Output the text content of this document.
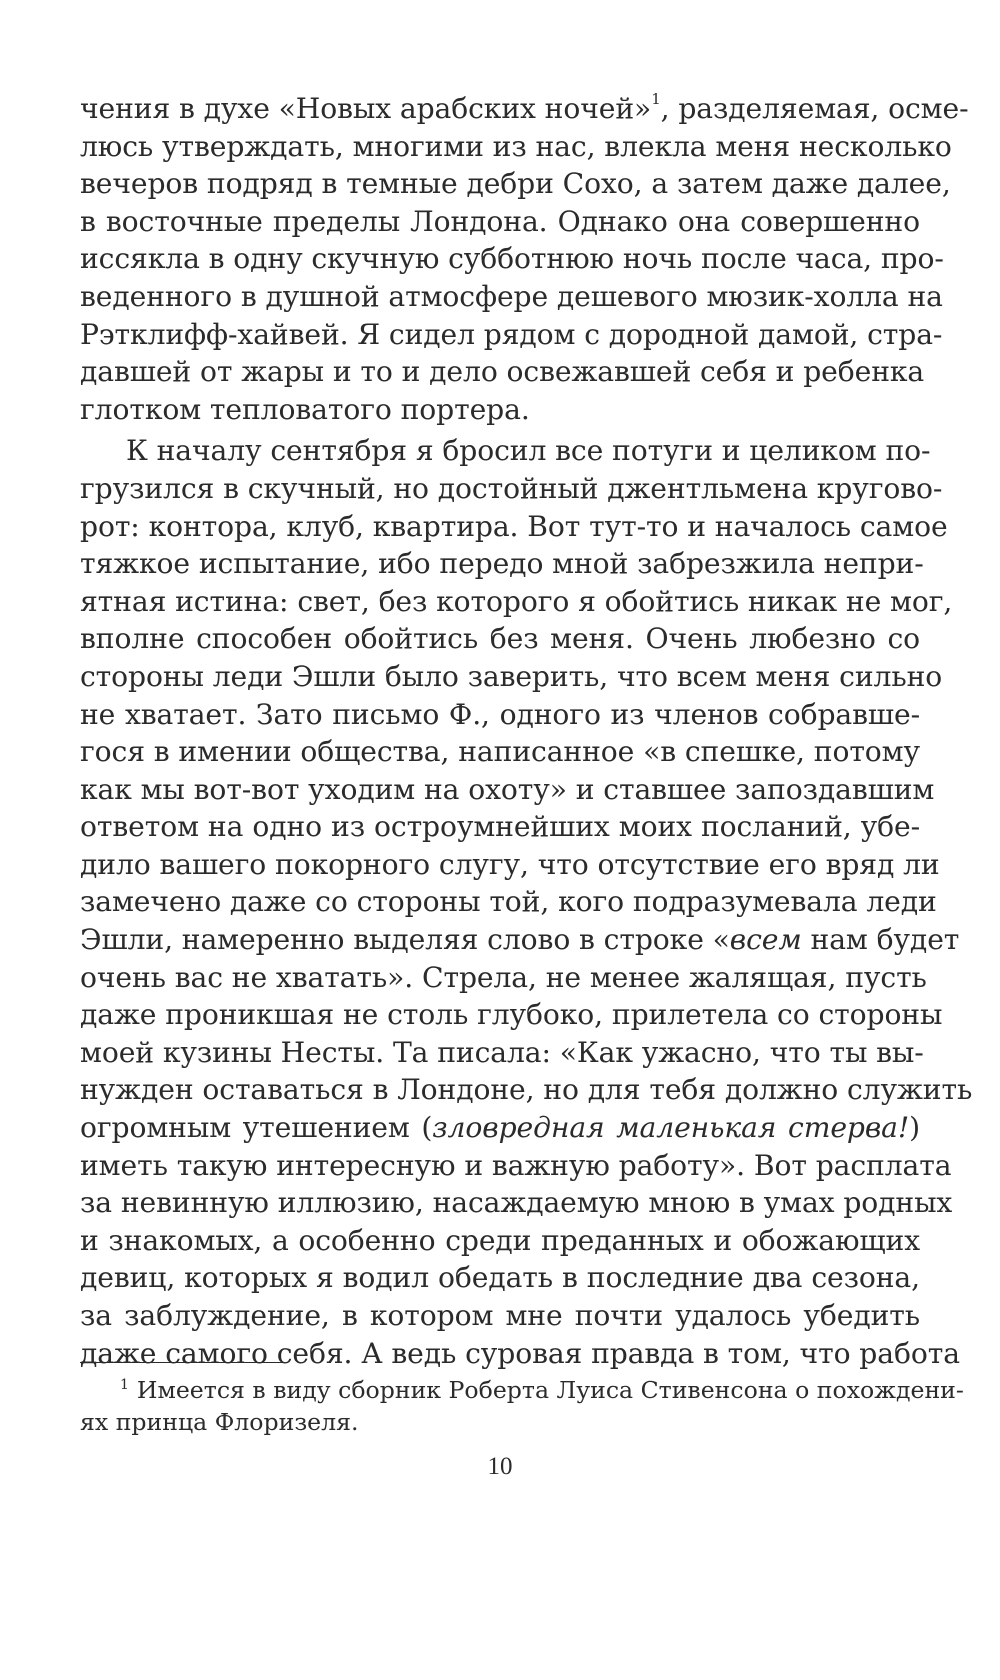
чения в духе «Новых арабских ночей»$^1$, разделяемая, осме-
люсь утверждать, многими из нас, влекла меня несколько
вечеров подряд в темные дебри Сохо, а затем даже далее,
в восточные пределы Лондона. Однако она совершенно
иссякла в одну скучную субботнюю ночь после часа, про-
веденного в душной атмосфере дешевого мюзик-холла на
Рэтклифф-хайвей. Я сидел рядом с дородной дамой, стра-
давшей от жары и то и дело освежавшей себя и ребенка
глотком тепловатого портера.
К началу сентября я бросил все потуги и целиком по-
грузился в скучный, но достойный джентльмена кругово-
рот: контора, клуб, квартира. Вот тут-то и началось самое
тяжкое испытание, ибо передо мной забрезжила непри-
ятная истина: свет, без которого я обойтись никак не мог,
вполне способен обойтись без меня. Очень любезно со
стороны леди Эшли было заверить, что всем меня сильно
не хватает. Зато письмо Ф., одного из членов собравше-
гося в имении общества, написанное «в спешке, потому
как мы вот-вот уходим на охоту» и ставшее запоздавшим
ответом на одно из остроумнейших моих посланий, убе-
дило вашего покорного слугу, что отсутствие его вряд ли
замечено даже со стороны той, кого подразумевала леди
Эшли, намеренно выделяя слово в строке «всем нам будет
очень вас не хватать». Стрела, не менее жалящая, пусть
даже проникшая не столь глубоко, прилетела со стороны
моей кузины Несты. Та писала: «Как ужасно, что ты вы-
нужден оставаться в Лондоне, но для тебя должно служить
огромным утешением (зловредная маленькая стерва!)
иметь такую интересную и важную работу». Вот расплата
за невинную иллюзию, насаждаемую мною в умах родных
и знакомых, а особенно среди преданных и обожающих
девиц, которых я водил обедать в последние два сезона,
за заблуждение, в котором мне почти удалось убедить
даже самого себя. А ведь суровая правда в том, что работа
$^1$ Имеется в виду сборник Роберта Луиса Стивенсона о похождени-
ях принца Флоризеля.
10
